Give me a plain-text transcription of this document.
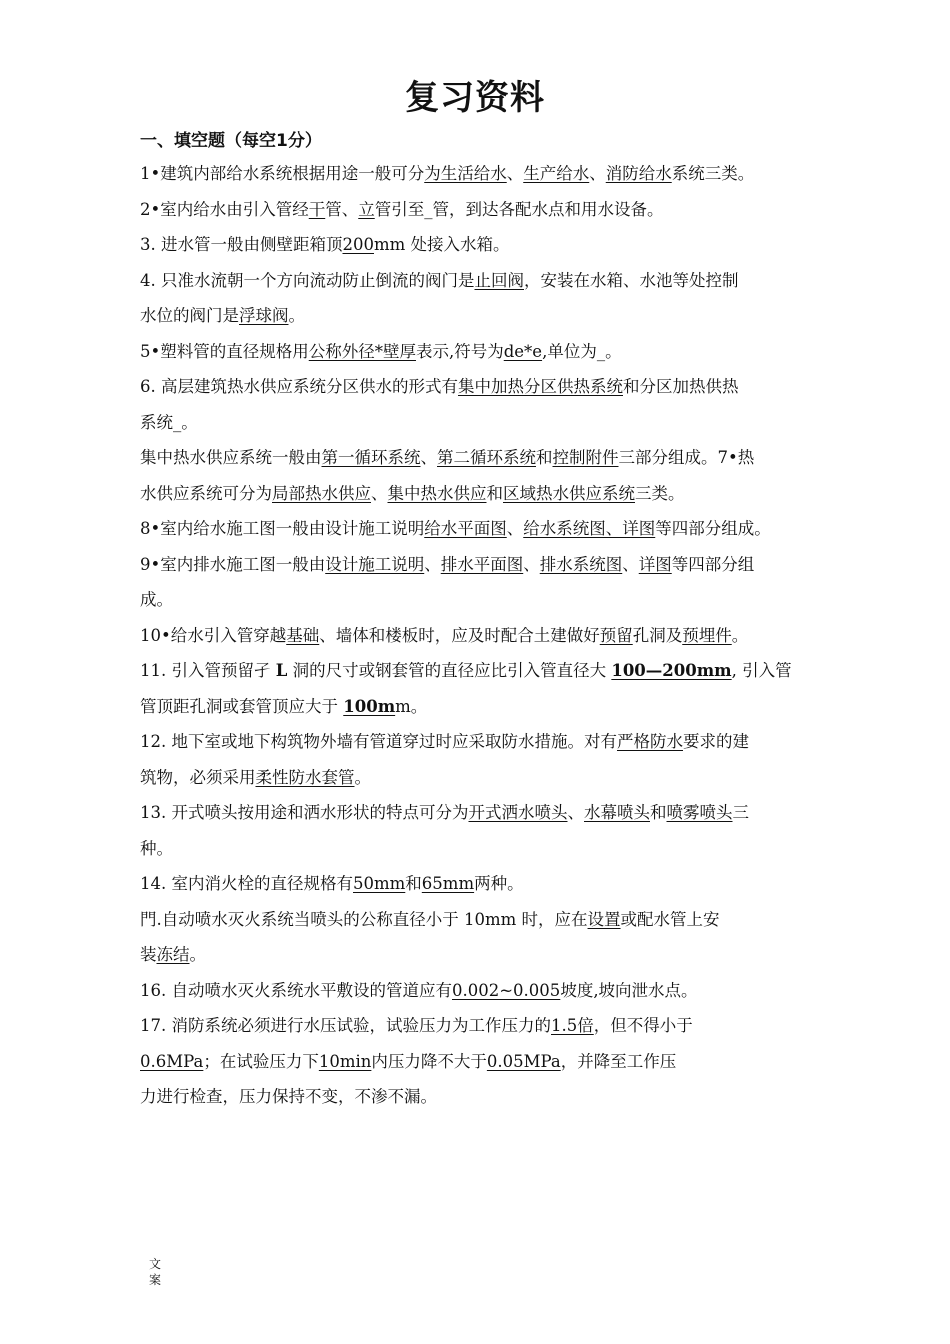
复习资料
一、填空题（每空1分）
1•建筑内部给水系统根据用途一般可分为生活给水、生产给水、消防给水系统三类。
2•室内给水由引入管经干管、立管引至_管，到达各配水点和用水设备。
3. 进水管一般由侧壁距箱顶200mm 处接入水箱。
4. 只准水流朝一个方向流动防止倒流的阀门是止回阀，安装在水箱、水池等处控制
水位的阀门是浮球阀。
5•塑料管的直径规格用公称外径*壁厚表示,符号为de*e,单位为_。
6. 高层建筑热水供应系统分区供水的形式有集中加热分区供热系统和分区加热供热
系统_。
集中热水供应系统一般由第一循环系统、第二循环系统和控制附件三部分组成。7•热
水供应系统可分为局部热水供应、集中热水供应和区域热水供应系统三类。
8•室内给水施工图一般由设计施工说明给水平面图、给水系统图、详图等四部分组成。
9•室内排水施工图一般由设计施工说明、排水平面图、排水系统图、详图等四部分组
成。
10•给水引入管穿越基础、墙体和楼板时，应及时配合土建做好预留孔洞及预埋件。
11. 引入管预留孑 L 洞的尺寸或钢套管的直径应比引入管直径大 100—200mm, 引入管
管顶距孔洞或套管顶应大于 100mm。
12. 地下室或地下构筑物外墙有管道穿过时应采取防水措施。对有严格防水要求的建
筑物，必须采用柔性防水套管。
13. 开式喷头按用途和洒水形状的特点可分为开式洒水喷头、水幕喷头和喷雾喷头三
种。
14. 室内消火栓的直径规格有50mm和65mm两种。
門.自动喷水灭火系统当喷头的公称直径小于 10mm 时，应在设置或配水管上安
装冻结。
16. 自动喷水灭火系统水平敷设的管道应有0.002~0.005坡度,坡向泄水点。
17. 消防系统必须进行水压试验，试验压力为工作压力的1.5倍，但不得小于
0.6MPa；在试验压力下10min内压力降不大于0.05MPa，并降至工作压
力进行检查，压力保持不变，不渗不漏。
文案
